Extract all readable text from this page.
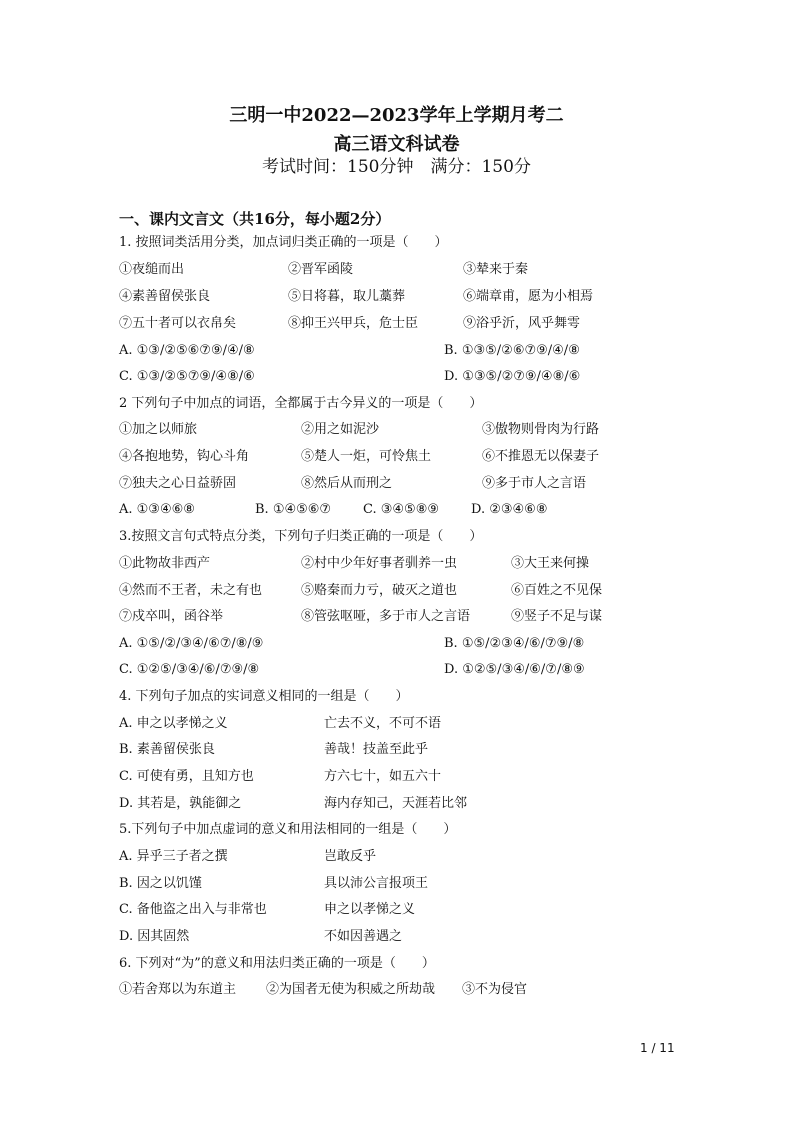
三明一中2022—2023学年上学期月考二
高三语文科试卷
考试时间：150分钟　满分：150分
一、课内文言文（共16分，每小题2分）
1. 按照词类活用分类，加点词归类正确的一项是（　　）
①夜缒而出	②晋军函陵	③辇来于秦
④素善留侯张良	⑤日将暮，取儿藁葬	⑥端章甫，愿为小相焉
⑦五十者可以衣帛矣	⑧抑王兴甲兵，危士臣	⑨浴乎沂，风乎舞雩
A. ①③/②⑤⑥⑦⑨/④/⑧	B. ①③⑤/②⑥⑦⑨/④/⑧
C. ①③/②⑤⑦⑨/④⑧/⑥	D. ①③⑤/②⑦⑨/④⑧/⑥
2 下列句子中加点的词语，全都属于古今异义的一项是（　　）
①加之以师旅	②用之如泥沙	③傲物则骨肉为行路
④各抱地势，钩心斗角	⑤楚人一炬，可怜焦土	⑥不推恩无以保妻子
⑦独夫之心日益骄固	⑧然后从而刑之	⑨多于市人之言语
A. ①③④⑥⑧	B. ①④⑤⑥⑦ C. ③④⑤⑧⑨ D. ②③④⑥⑧
3.按照文言句式特点分类，下列句子归类正确的一项是（　　）
①此物故非西产	②村中少年好事者驯养一虫	③大王来何操
④然而不王者，未之有也	⑤赂秦而力亏，破灭之道也	⑥百姓之不见保
⑦戍卒叫，函谷举	⑧管弦呕哑，多于市人之言语	⑨竖子不足与谋
A. ①⑤/②/③④/⑥⑦/⑧/⑨	B. ①⑤/②③④/⑥/⑦⑨/⑧
C. ①②⑤/③④/⑥/⑦⑨/⑧	D. ①②⑤/③④/⑥/⑦/⑧⑨
4. 下列句子加点的实词意义相同的一组是（　　）
A. 申之以孝悌之义	亡去不义，不可不语
B. 素善留侯张良	善哉！技盖至此乎
C. 可使有勇，且知方也	方六七十，如五六十
D. 其若是，孰能御之	海内存知己，天涯若比邻
5.下列句子中加点虚词的意义和用法相同的一组是（　　）
A. 异乎三子者之撰	岂敢反乎
B. 因之以饥馑	具以沛公言报项王
C. 备他盗之出入与非常也	申之以孝悌之义
D. 因其固然	不如因善遇之
6. 下列对“为”的意义和用法归类正确的一项是（　　）
①若舍郑以为东道主 ②为国者无使为积威之所劫哉 ③不为侵官
1 / 11
